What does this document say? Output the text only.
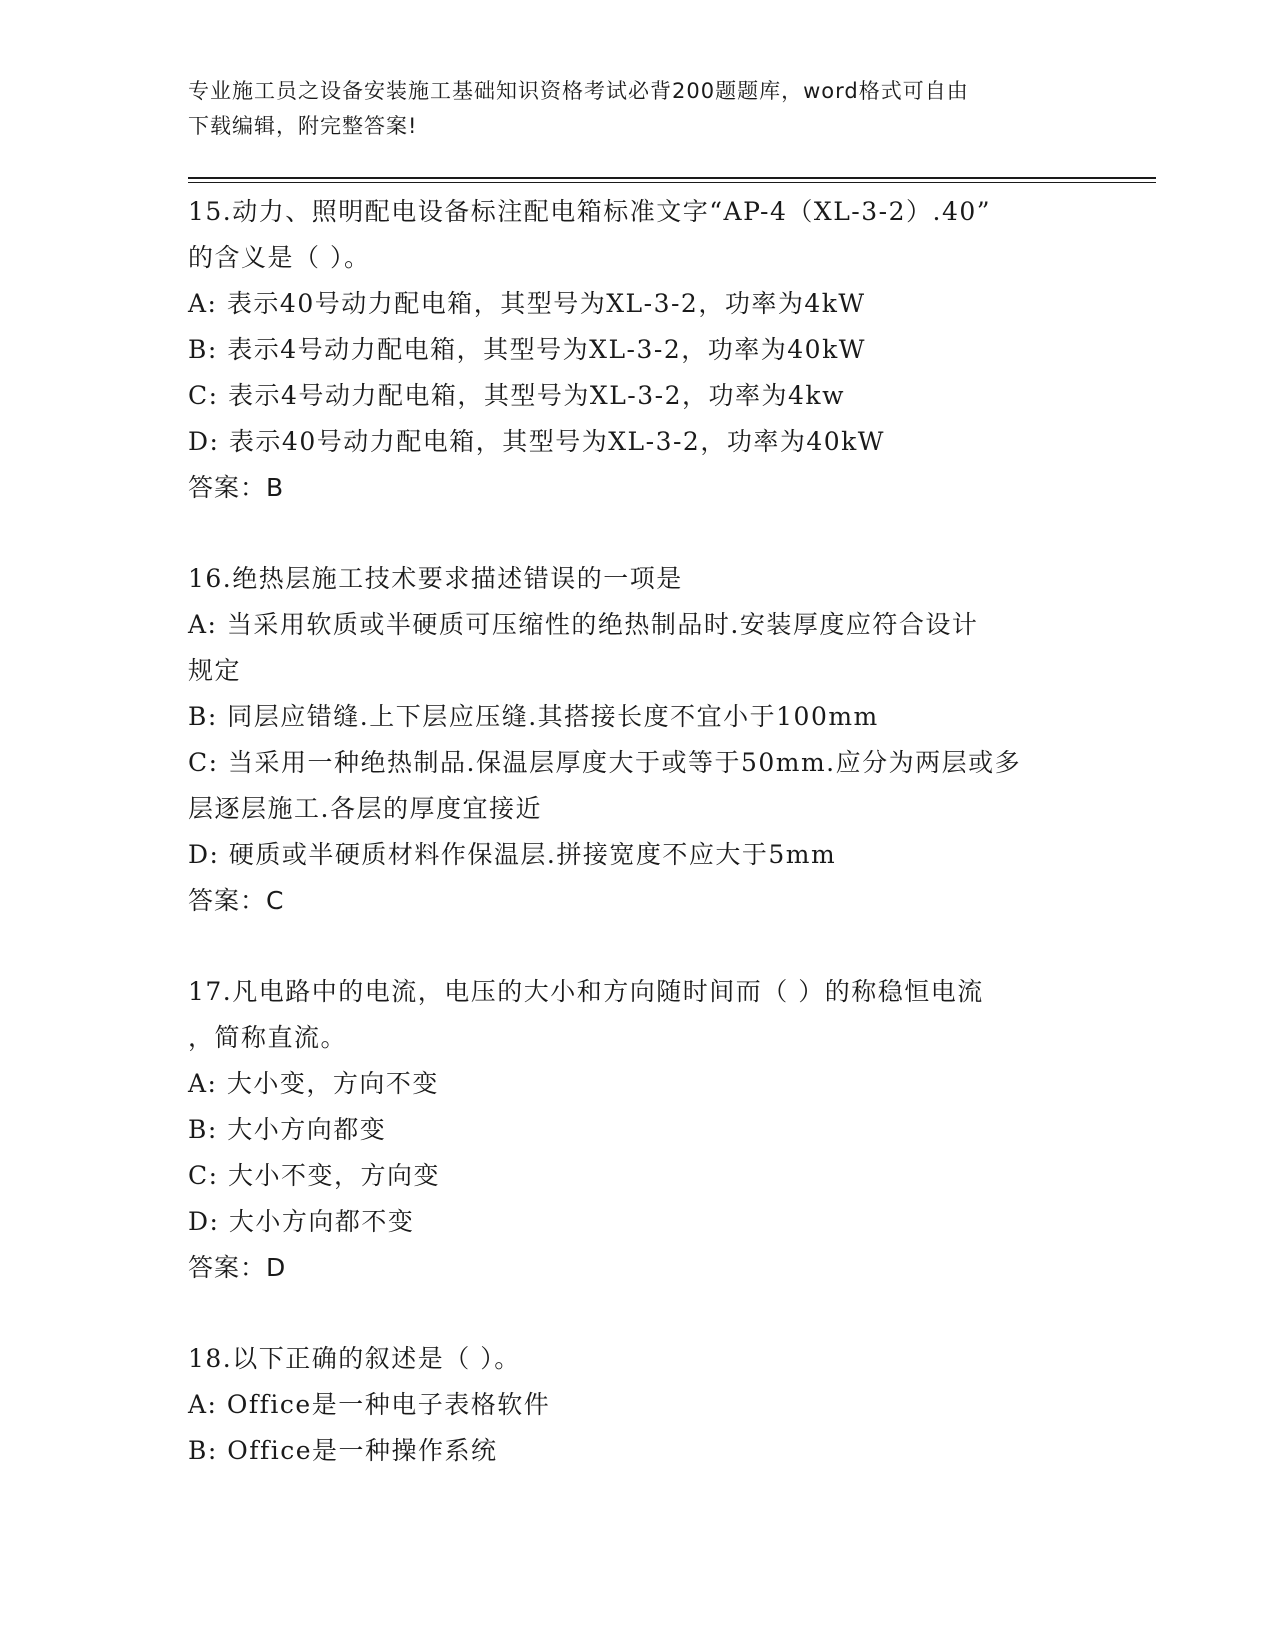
专业施工员之设备安装施工基础知识资格考试必背200题题库，word格式可自由
下载编辑，附完整答案!
15.动力、照明配电设备标注配电箱标准文字“AP-4（XL-3-2）.40”
的含义是（ ）。
A: 表示40号动力配电箱，其型号为XL-3-2，功率为4kW
B: 表示4号动力配电箱，其型号为XL-3-2，功率为40kW
C: 表示4号动力配电箱，其型号为XL-3-2，功率为4kw
D: 表示40号动力配电箱，其型号为XL-3-2，功率为40kW
答案：B
16.绝热层施工技术要求描述错误的一项是
A: 当采用软质或半硬质可压缩性的绝热制品时.安装厚度应符合设计
规定
B: 同层应错缝.上下层应压缝.其搭接长度不宜小于100mm
C: 当采用一种绝热制品.保温层厚度大于或等于50mm.应分为两层或多
层逐层施工.各层的厚度宜接近
D: 硬质或半硬质材料作保温层.拼接宽度不应大于5mm
答案：C
17.凡电路中的电流，电压的大小和方向随时间而（ ）的称稳恒电流
，简称直流。
A: 大小变，方向不变
B: 大小方向都变
C: 大小不变，方向变
D: 大小方向都不变
答案：D
18.以下正确的叙述是（ ）。
A: Office是一种电子表格软件
B: Office是一种操作系统
